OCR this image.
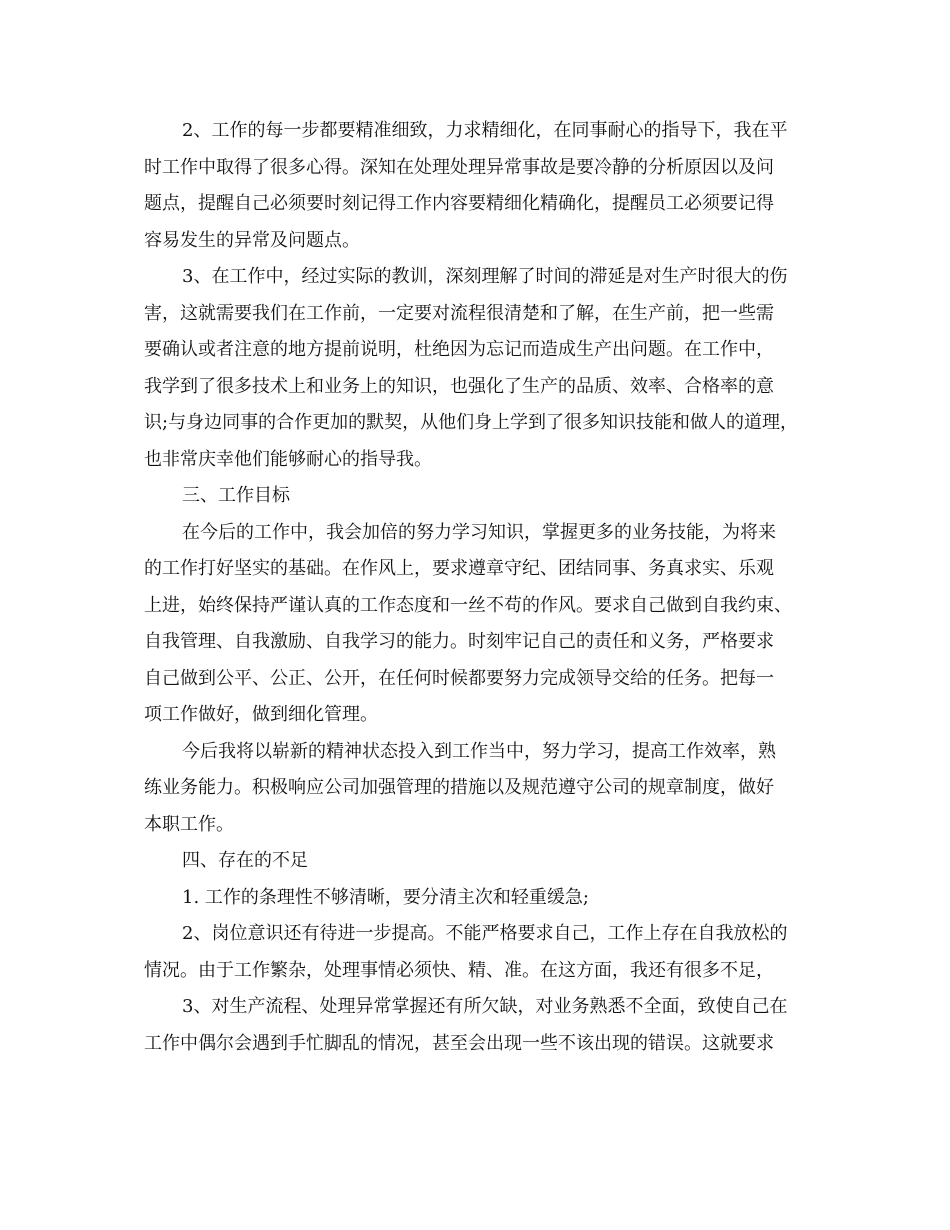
2、工作的每一步都要精准细致，力求精细化，在同事耐心的指导下，我在平
时工作中取得了很多心得。深知在处理处理异常事故是要冷静的分析原因以及问
题点，提醒自己必须要时刻记得工作内容要精细化精确化，提醒员工必须要记得
容易发生的异常及问题点。
3、在工作中，经过实际的教训，深刻理解了时间的滞延是对生产时很大的伤
害，这就需要我们在工作前，一定要对流程很清楚和了解，在生产前，把一些需
要确认或者注意的地方提前说明，杜绝因为忘记而造成生产出问题。在工作中，
我学到了很多技术上和业务上的知识，也强化了生产的品质、效率、合格率的意
识;与身边同事的合作更加的默契，从他们身上学到了很多知识技能和做人的道理，
也非常庆幸他们能够耐心的指导我。
三、工作目标
在今后的工作中，我会加倍的努力学习知识，掌握更多的业务技能，为将来
的工作打好坚实的基础。在作风上，要求遵章守纪、团结同事、务真求实、乐观
上进，始终保持严谨认真的工作态度和一丝不苟的作风。要求自己做到自我约束、
自我管理、自我激励、自我学习的能力。时刻牢记自己的责任和义务，严格要求
自己做到公平、公正、公开，在任何时候都要努力完成领导交给的任务。把每一
项工作做好，做到细化管理。
今后我将以崭新的精神状态投入到工作当中，努力学习，提高工作效率，熟
练业务能力。积极响应公司加强管理的措施以及规范遵守公司的规章制度，做好
本职工作。
四、存在的不足
1. 工作的条理性不够清晰，要分清主次和轻重缓急;
2、岗位意识还有待进一步提高。不能严格要求自己，工作上存在自我放松的
情况。由于工作繁杂，处理事情必须快、精、准。在这方面，我还有很多不足，
3、对生产流程、处理异常掌握还有所欠缺，对业务熟悉不全面，致使自己在
工作中偶尔会遇到手忙脚乱的情况，甚至会出现一些不该出现的错误。这就要求
